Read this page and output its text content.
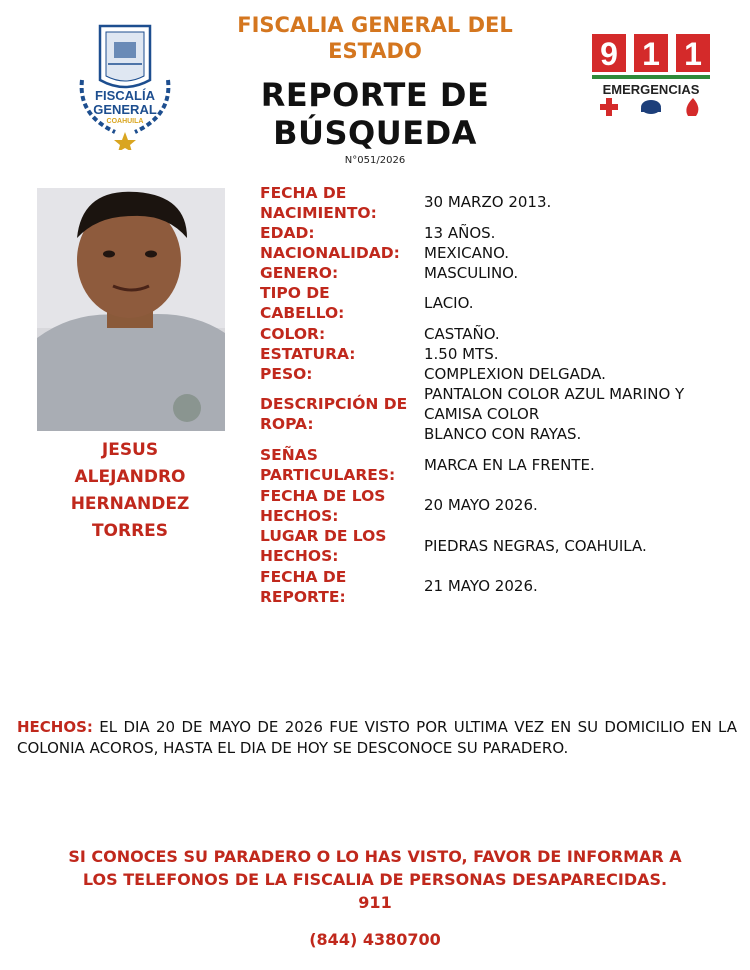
FISCALÍA
GENERAL
COAHUILA
FISCALIA GENERAL DEL
ESTADO
REPORTE DE
BÚSQUEDA
N°051/2026
9 1 1
EMERGENCIAS
JESUS
ALEJANDRO
HERNANDEZ
TORRES
FECHA DE
NACIMIENTO:
30 MARZO 2013.
EDAD:	13 AÑOS.
NACIONALIDAD:	MEXICANO.
GENERO:	MASCULINO.
TIPO DE
CABELLO:
LACIO.
COLOR:	CASTAÑO.
ESTATURA:	1.50 MTS.
PESO:	COMPLEXION DELGADA.
DESCRIPCIÓN DE
ROPA:
PANTALON COLOR AZUL MARINO Y
CAMISA COLOR
BLANCO CON RAYAS.
SEÑAS
PARTICULARES:
MARCA EN LA FRENTE.
FECHA DE LOS
HECHOS:
20 MAYO 2026.
LUGAR DE LOS
HECHOS:
PIEDRAS NEGRAS, COAHUILA.
FECHA DE
REPORTE:
21 MAYO 2026.
HECHOS: EL DIA 20 DE MAYO DE 2026 FUE VISTO POR ULTIMA VEZ EN SU DOMICILIO EN LA COLONIA ACOROS, HASTA EL DIA DE HOY SE DESCONOCE SU PARADERO.
SI CONOCES SU PARADERO O LO HAS VISTO, FAVOR DE INFORMAR A
LOS TELEFONOS DE LA FISCALIA DE PERSONAS DESAPARECIDAS.
911
(844) 4380700
